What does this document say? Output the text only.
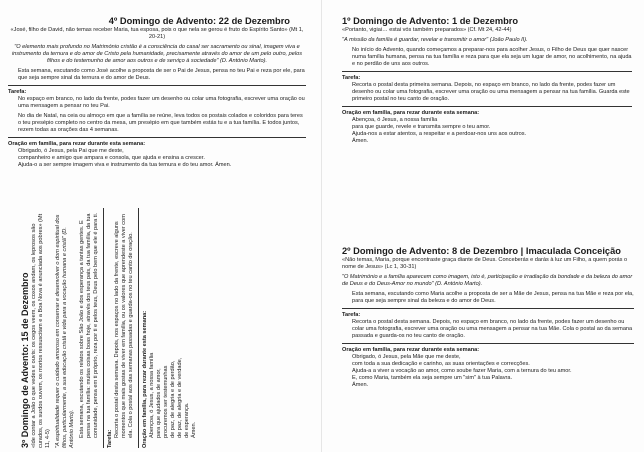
4º Domingo de Advento: 22 de Dezembro
«José, filho de David, não temas receber Maria, tua esposa, pois o que nela se gerou é fruto do Espírito Santo» (Mt 1, 20-21)
"O elemento mais profundo no Matrimónio cristão é a consciência do casal ser sacramento ou sinal, imagem viva e instrumento da ternura e do amor de Cristo pela humanidade, precisamente através do amor de um pelo outro, pelos filhos e do testemunho de amor aos outros e de serviço à sociedade" (D. António Marto).
Esta semana, escutando como José acolhe a proposta de ser o Pai de Jesus, pensa no teu Pai e reza por ele, para que seja sempre sinal da ternura e do amor de Deus.
Tarefa:
No espaço em branco, no lado da frente, podes fazer um desenho ou colar uma fotografia, escrever uma oração ou uma mensagem a pensar no teu Pai.
No dia de Natal, na ceia ou almoço em que a família se reúne, leva todos os postais colados e coloridos para teres o teu presépio completo no centro da mesa, um presépio em que também estás tu e a tua família. E todos juntos, rezem todas as orações das 4 semanas.
Oração em família, para rezar durante esta semana:
Obrigado, ó Jesus, pela Pai que me deste,
companheiro e amigo que ampara e consola, que ajuda e ensina a crescer.
Ajuda-o a ser sempre imagem viva e instrumento da tua ternura e do teu amor. Ámen.
1º Domingo de Advento: 1 de Dezembro
«Portanto, vigiai… estai vós também preparados» (Cf. Mt 24, 42-44)
"A missão da família é guardar, revelar e transmitir o amor" (João Paulo II).
No início do Advento, quando começamos a preparar-nos para acolher Jesus, o Filho de Deus que quer nascer numa família humana, pensa na tua família e reza para que ela seja um lugar de amor, no acolhimento, na ajuda e no perdão de uns aos outros.
Tarefa:
Recorta o postal desta primeira semana. Depois, no espaço em branco, no lado da frente, podes fazer um desenho ou colar uma fotografia, escrever uma oração ou uma mensagem a pensar na tua família. Guarda este primeiro postal no teu canto de oração.
Oração em família, para rezar durante esta semana:
Abençoa, ó Jesus, a nossa família
para que guarde, revele e transmita sempre o teu amor.
Ajuda-nos a estar atentos, a respeitar e a perdoar-nos uns aos outros.
Ámen.
2º Domingo de Advento: 8 de Dezembro | Imaculada Conceição
«Não temas, Maria, porque encontraste graça diante de Deus. Conceberás e darás à luz um Filho, a quem porás o nome de Jesus» (Lc 1, 30-31)
"O Matrimónio e a família aparecem como imagem, isto é, participação e irradiação da bondade e da beleza do amor de Deus e do Deus-Amor no mundo" (D. António Marto).
Esta semana, escutando como Maria acolhe a proposta de ser a Mãe de Jesus, pensa na tua Mãe e reza por ela, para que seja sempre sinal da beleza e do amor de Deus.
Tarefa:
Recorta o postal desta semana. Depois, no espaço em branco, no lado da frente, podes fazer um desenho ou colar uma fotografia, escrever uma oração ou uma mensagem a pensar na tua Mãe. Cola o postal ao da semana passada e guarda-os no teu canto de oração.
Oração em família, para rezar durante esta semana:
Obrigado, ó Jesus, pela Mãe que me deste,
com toda a sua dedicação e carinho, as suas orientações e correcções.
Ajuda-a a viver a vocação ao amor, como soube fazer Maria, com a ternura do teu amor.
E, como Maria, também ela seja sempre um "sim" à tua Palavra.
Ámen.
3º Domingo de Advento: 15 de Dezembro «Ide contar a João o que vedes e ouvis: os cegos veem, os coxos andam, os leprosos são curados, os surdos ouvem, os mortos ressuscitam e a Boa Nova é anunciada aos pobres» (Mt 11, 4-5) "A espiritualidade requer o cuidado amoroso em conservar e desenvolver o dom espiritual dos filhos, particularmente, a sua educação cristã e vida para a vocação humana e cristã" (D. António Marto). Esta semana, escutando os relatos sobre São João e dos esperança a tantas gentes. E pensa na tua família: muitas coisas boas hoje, através dos teus pais, da tua família, da tua comunidade, pensa em ti próprio, reza por ti e pelos teus, Deus pelo bem que ele é para ti.
Tarefa:
Recorta o postal desta semana. Depois, nos espaços no lado da frente, escreve alguns momentos que mais gostas de viver em família, ou os valores que aprendeste a viver com ela. Cola o postal aos das semanas passadas e guarda-os no teu canto de oração. Oração em família, para rezar durante esta semana: Abençoa, ó Jesus, a nossa família para que ajudados de amor, procuremos ser testemunhas de paz, de alegria e de perdão, de paz, de alegria e de verdade, de esperança. Ámen.
